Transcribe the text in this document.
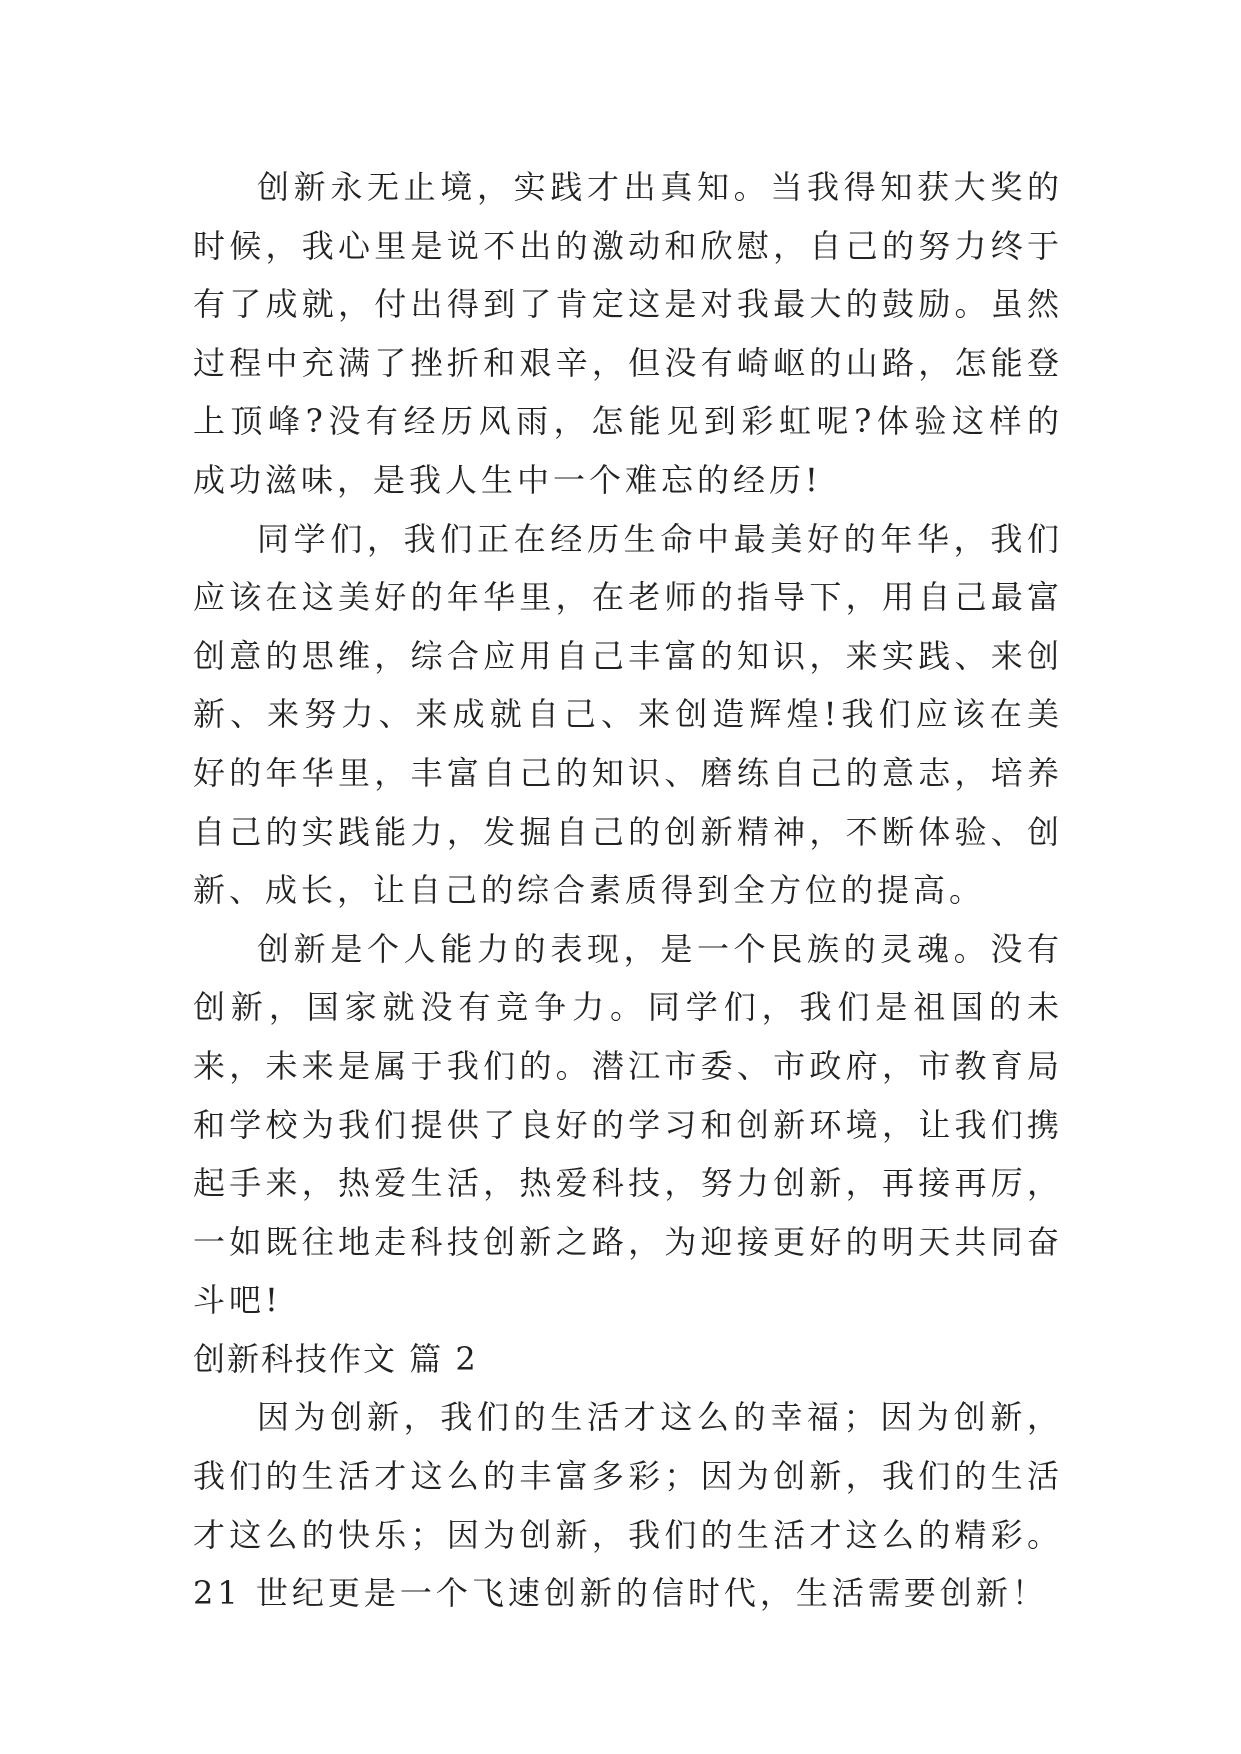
创新永无止境，实践才出真知。当我得知获大奖的时候，我心里是说不出的激动和欣慰，自己的努力终于有了成就，付出得到了肯定这是对我最大的鼓励。虽然过程中充满了挫折和艰辛，但没有崎岖的山路，怎能登上顶峰?没有经历风雨，怎能见到彩虹呢?体验这样的成功滋味，是我人生中一个难忘的经历!

同学们，我们正在经历生命中最美好的年华，我们应该在这美好的年华里，在老师的指导下，用自己最富创意的思维，综合应用自己丰富的知识，来实践、来创新、来努力、来成就自己、来创造辉煌!我们应该在美好的年华里，丰富自己的知识、磨练自己的意志，培养自己的实践能力，发掘自己的创新精神，不断体验、创新、成长，让自己的综合素质得到全方位的提高。

创新是个人能力的表现，是一个民族的灵魂。没有创新，国家就没有竞争力。同学们，我们是祖国的未来，未来是属于我们的。潜江市委、市政府，市教育局和学校为我们提供了良好的学习和创新环境，让我们携起手来，热爱生活，热爱科技，努力创新，再接再厉，一如既往地走科技创新之路，为迎接更好的明天共同奋斗吧!

创新科技作文 篇 2

因为创新，我们的生活才这么的幸福；因为创新，我们的生活才这么的丰富多彩；因为创新，我们的生活才这么的快乐；因为创新，我们的生活才这么的精彩。21 世纪更是一个飞速创新的信时代，生活需要创新！
